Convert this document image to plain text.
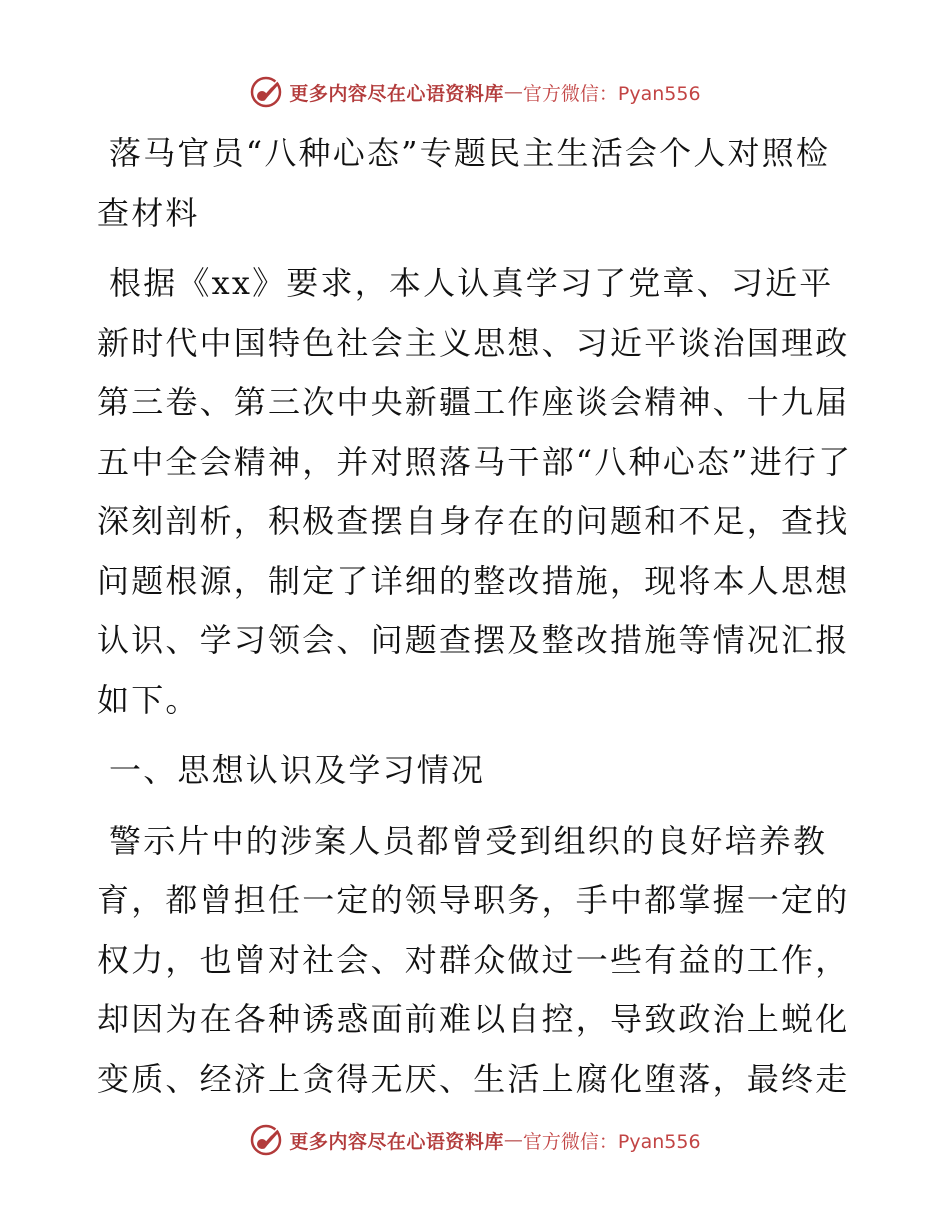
更多内容尽在心语资料库 — 官方微信：Pyan556

落马官员“八种心态”专题民主生活会个人对照检查材料

根据《xx》要求，本人认真学习了党章、习近平新时代中国特色社会主义思想、习近平谈治国理政第三卷、第三次中央新疆工作座谈会精神、十九届五中全会精神，并对照落马干部“八种心态”进行了深刻剖析，积极查摆自身存在的问题和不足，查找问题根源，制定了详细的整改措施，现将本人思想认识、学习领会、问题查摆及整改措施等情况汇报如下。

一、思想认识及学习情况

警示片中的涉案人员都曾受到组织的良好培养教育，都曾担任一定的领导职务，手中都掌握一定的权力，也曾对社会、对群众做过一些有益的工作，却因为在各种诱惑面前难以自控，导致政治上蜕化变质、经济上贪得无厌、生活上腐化堕落，最终走

更多内容尽在心语资料库 — 官方微信：Pyan556
